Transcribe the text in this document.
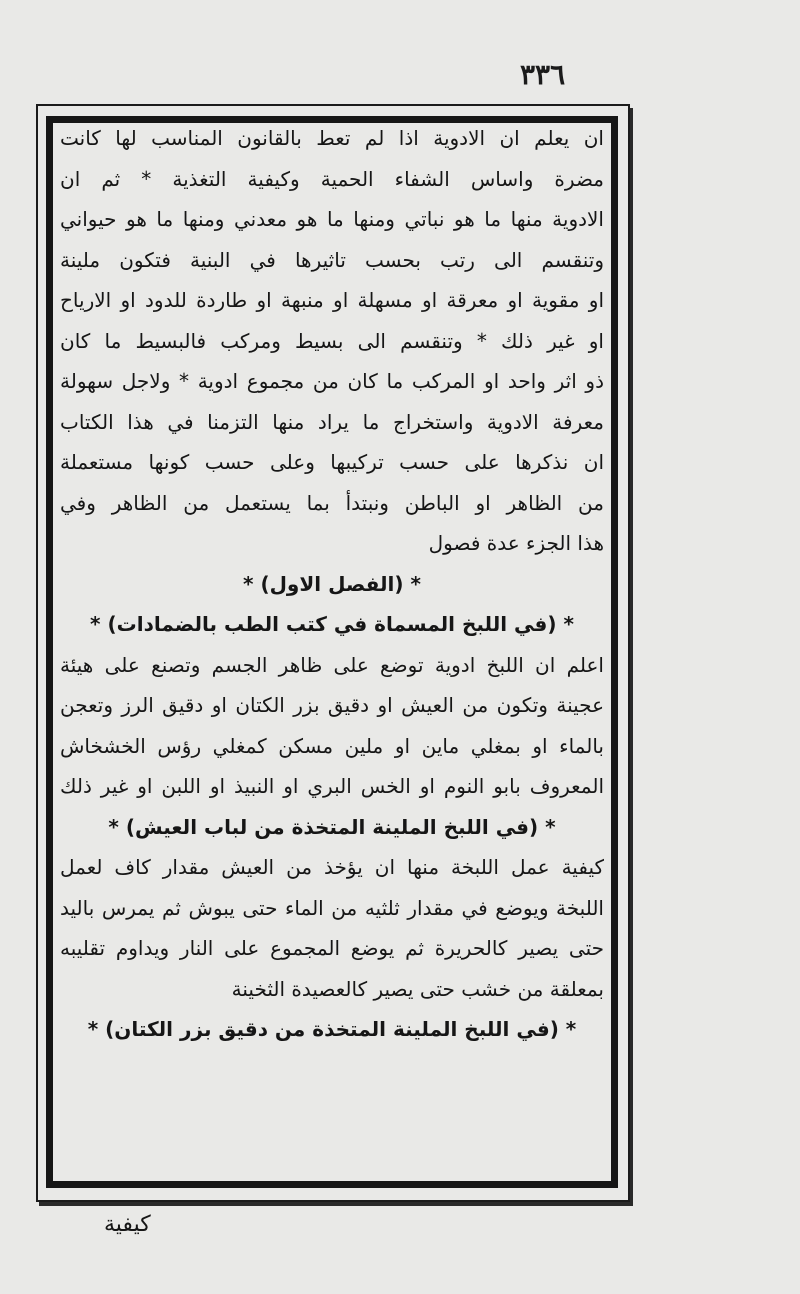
٣٣٦
ان يعلم ان الادوية اذا لم تعط بالقانون المناسب لها كانت
مضرة واساس الشفاء الحمية وكيفية التغذية * ثم ان
الادوية منها ما هو نباتي ومنها ما هو معدني ومنها ما هو حيواني
وتنقسم الى رتب بحسب تاثيرها في البنية فتكون ملينة
او مقوية او معرقة او مسهلة او منبهة او طاردة للدود او الارياح
او غير ذلك * وتنقسم الى بسيط ومركب فالبسيط ما كان
ذو اثر واحد او المركب ما كان من مجموع ادوية * ولاجل سهولة
معرفة الادوية واستخراج ما يراد منها التزمنا في هذا الكتاب
ان نذكرها على حسب تركيبها وعلى حسب كونها مستعملة
من الظاهر او الباطن ونبتدأ بما يستعمل من الظاهر وفي
هذا الجزء عدة فصول
* (الفصل الاول) *
* (في اللبخ المسماة في كتب الطب بالضمادات) *
اعلم ان اللبخ ادوية توضع على ظاهر الجسم وتصنع على هيئة
عجينة وتكون من العيش او دقيق بزر الكتان او دقيق الرز وتعجن
بالماء او بمغلي ماين او ملين مسكن كمغلي رؤس الخشخاش
المعروف بابو النوم او الخس البري او النبيذ او اللبن او غير ذلك
* (في اللبخ الملينة المتخذة من لباب العيش) *
كيفية عمل اللبخة منها ان يؤخذ من العيش مقدار كاف لعمل
اللبخة ويوضع في مقدار ثلثيه من الماء حتى يبوش ثم يمرس باليد
حتى يصير كالحريرة ثم يوضع المجموع على النار ويداوم تقليبه
بمعلقة من خشب حتى يصير كالعصيدة الثخينة
* (في اللبخ الملينة المتخذة من دقيق بزر الكتان) *
كيفية
